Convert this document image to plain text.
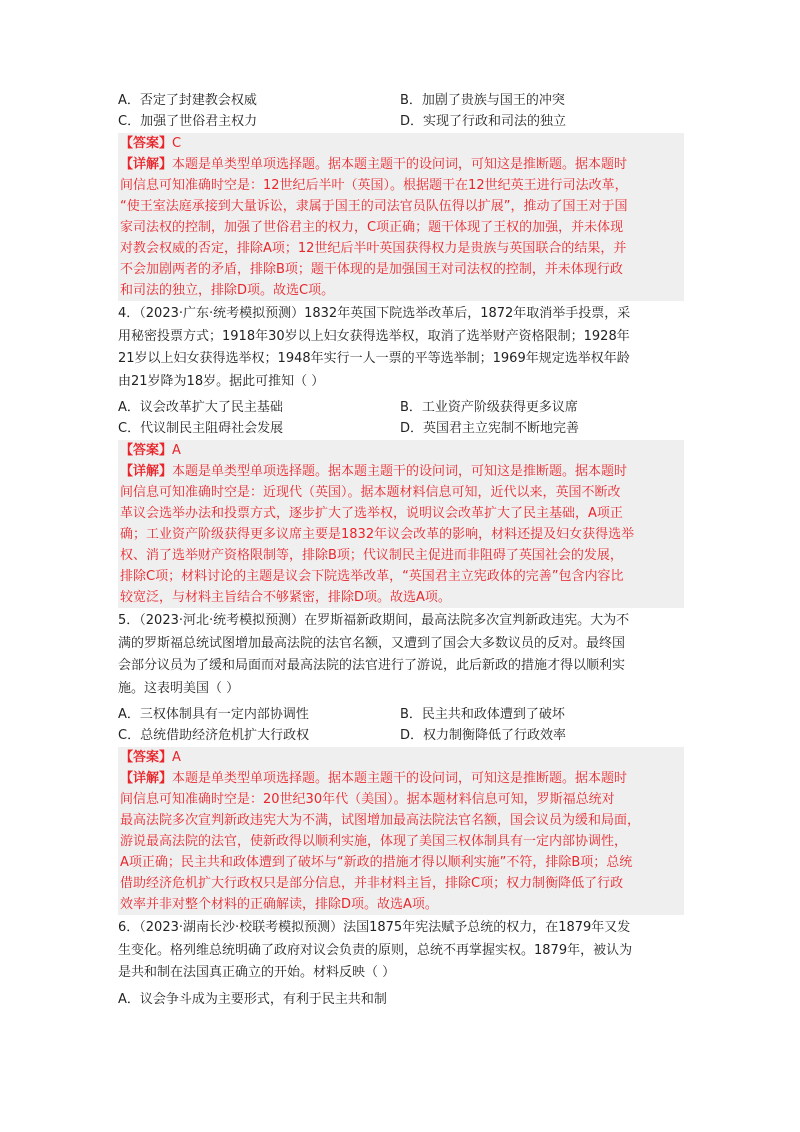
A．否定了封建教会权威	B．加剧了贵族与国王的冲突
C．加强了世俗君主权力	D．实现了行政和司法的独立
【答案】C
【详解】本题是单类型单项选择题。据本题主题干的设问词，可知这是推断题。据本题时
间信息可知准确时空是：12世纪后半叶（英国）。根据题干在12世纪英王进行司法改革，
“使王室法庭承接到大量诉讼，隶属于国王的司法官员队伍得以扩展”，推动了国王对于国
家司法权的控制，加强了世俗君主的权力，C项正确；题干体现了王权的加强，并未体现
对教会权威的否定，排除A项；12世纪后半叶英国获得权力是贵族与英国联合的结果，并
不会加剧两者的矛盾，排除B项；题干体现的是加强国王对司法权的控制，并未体现行政
和司法的独立，排除D项。故选C项。
4．（2023·广东·统考模拟预测）1832年英国下院选举改革后，1872年取消举手投票，采
用秘密投票方式；1918年30岁以上妇女获得选举权，取消了选举财产资格限制；1928年
21岁以上妇女获得选举权；1948年实行一人一票的平等选举制；1969年规定选举权年龄
由21岁降为18岁。据此可推知（ ）
A．议会改革扩大了民主基础	B．工业资产阶级获得更多议席
C．代议制民主阻碍社会发展	D．英国君主立宪制不断地完善
【答案】A
【详解】本题是单类型单项选择题。据本题主题干的设问词，可知这是推断题。据本题时
间信息可知准确时空是：近现代（英国）。据本题材料信息可知，近代以来，英国不断改
革议会选举办法和投票方式，逐步扩大了选举权，说明议会改革扩大了民主基础，A项正
确；工业资产阶级获得更多议席主要是1832年议会改革的影响，材料还提及妇女获得选举
权、消了选举财产资格限制等，排除B项；代议制民主促进而非阻碍了英国社会的发展，
排除C项；材料讨论的主题是议会下院选举改革，“英国君主立宪政体的完善”包含内容比
较宽泛，与材料主旨结合不够紧密，排除D项。故选A项。
5．（2023·河北·统考模拟预测）在罗斯福新政期间，最高法院多次宣判新政违宪。大为不
满的罗斯福总统试图增加最高法院的法官名额，又遭到了国会大多数议员的反对。最终国
会部分议员为了缓和局面而对最高法院的法官进行了游说，此后新政的措施才得以顺利实
施。这表明美国（ ）
A．三权体制具有一定内部协调性	B．民主共和政体遭到了破坏
C．总统借助经济危机扩大行政权	D．权力制衡降低了行政效率
【答案】A
【详解】本题是单类型单项选择题。据本题主题干的设问词，可知这是推断题。据本题时
间信息可知准确时空是：20世纪30年代（美国）。据本题材料信息可知，罗斯福总统对
最高法院多次宣判新政违宪大为不满，试图增加最高法院法官名额，国会议员为缓和局面，
游说最高法院的法官，使新政得以顺利实施，体现了美国三权体制具有一定内部协调性，
A项正确；民主共和政体遭到了破坏与“新政的措施才得以顺利实施”不符，排除B项；总统
借助经济危机扩大行政权只是部分信息，并非材料主旨，排除C项；权力制衡降低了行政
效率并非对整个材料的正确解读，排除D项。故选A项。
6．（2023·湖南长沙·校联考模拟预测）法国1875年宪法赋予总统的权力，在1879年又发
生变化。格列维总统明确了政府对议会负责的原则，总统不再掌握实权。1879年，被认为
是共和制在法国真正确立的开始。材料反映（ ）
A．议会争斗成为主要形式，有利于民主共和制
